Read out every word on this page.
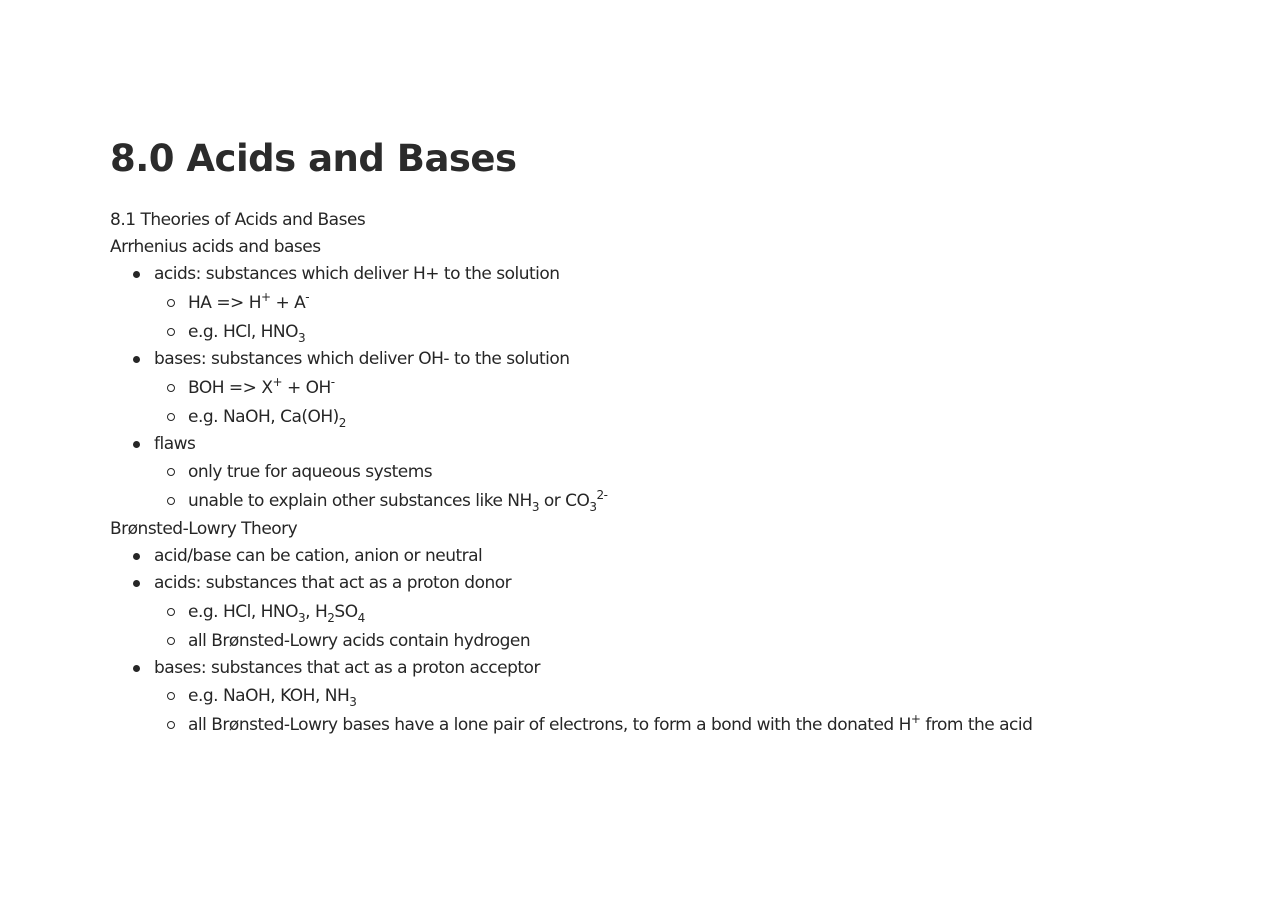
8.0 Acids and Bases

8.1 Theories of Acids and Bases

Arrhenius acids and bases

acids: substances which deliver H+ to the solution
HA => H+ + A-
e.g. HCl, $HNO_3$
bases: substances which deliver OH- to the solution
BOH => X+ + OH-
e.g. NaOH, $Ca(OH)_2$
flaws
only true for aqueous systems
unable to explain other substances like $NH_3$ or $CO_3^{2-}$

Brønsted-Lowry Theory

acid/base can be cation, anion or neutral
acids: substances that act as a proton donor
e.g. HCl, $HNO_3$, $H_2SO_4$
all Brønsted-Lowry acids contain hydrogen
bases: substances that act as a proton acceptor
e.g. NaOH, KOH, $NH_3$
all Brønsted-Lowry bases have a lone pair of electrons, to form a bond with the donated H+ from the acid
